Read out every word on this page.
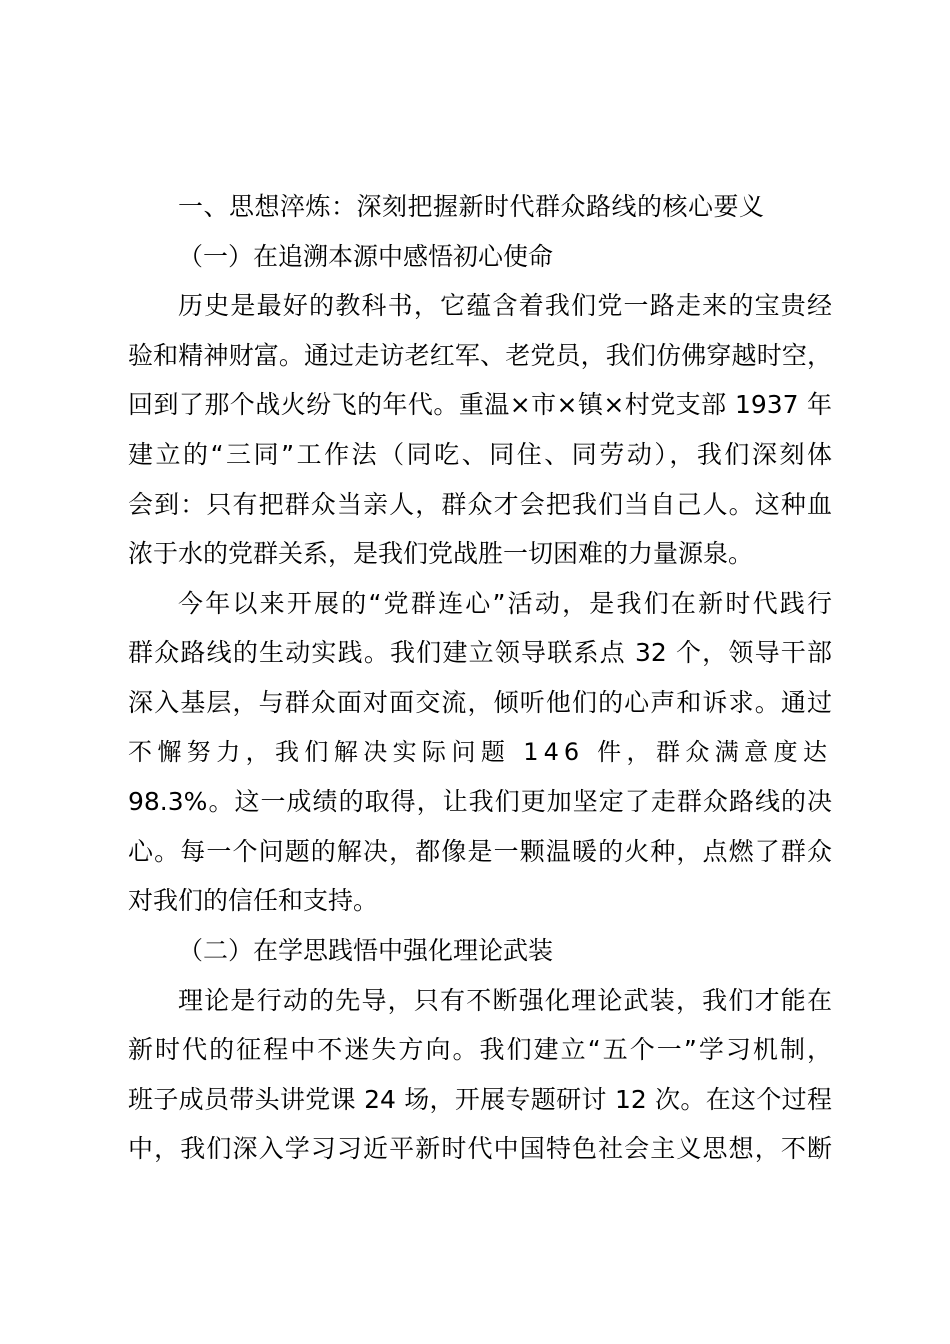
一、思想淬炼：深刻把握新时代群众路线的核心要义
（一）在追溯本源中感悟初心使命
历史是最好的教科书，它蕴含着我们党一路走来的宝贵经
验和精神财富。通过走访老红军、老党员，我们仿佛穿越时空，
回到了那个战火纷飞的年代。重温×市×镇×村党支部 1937 年
建立的“三同”工作法（同吃、同住、同劳动），我们深刻体
会到：只有把群众当亲人，群众才会把我们当自己人。这种血
浓于水的党群关系，是我们党战胜一切困难的力量源泉。
今年以来开展的“党群连心”活动，是我们在新时代践行
群众路线的生动实践。我们建立领导联系点 32 个，领导干部
深入基层，与群众面对面交流，倾听他们的心声和诉求。通过
不懈努力，我们解决实际问题 146 件，群众满意度达
98.3%。这一成绩的取得，让我们更加坚定了走群众路线的决
心。每一个问题的解决，都像是一颗温暖的火种，点燃了群众
对我们的信任和支持。
（二）在学思践悟中强化理论武装
理论是行动的先导，只有不断强化理论武装，我们才能在
新时代的征程中不迷失方向。我们建立“五个一”学习机制，
班子成员带头讲党课 24 场，开展专题研讨 12 次。在这个过程
中，我们深入学习习近平新时代中国特色社会主义思想，不断
